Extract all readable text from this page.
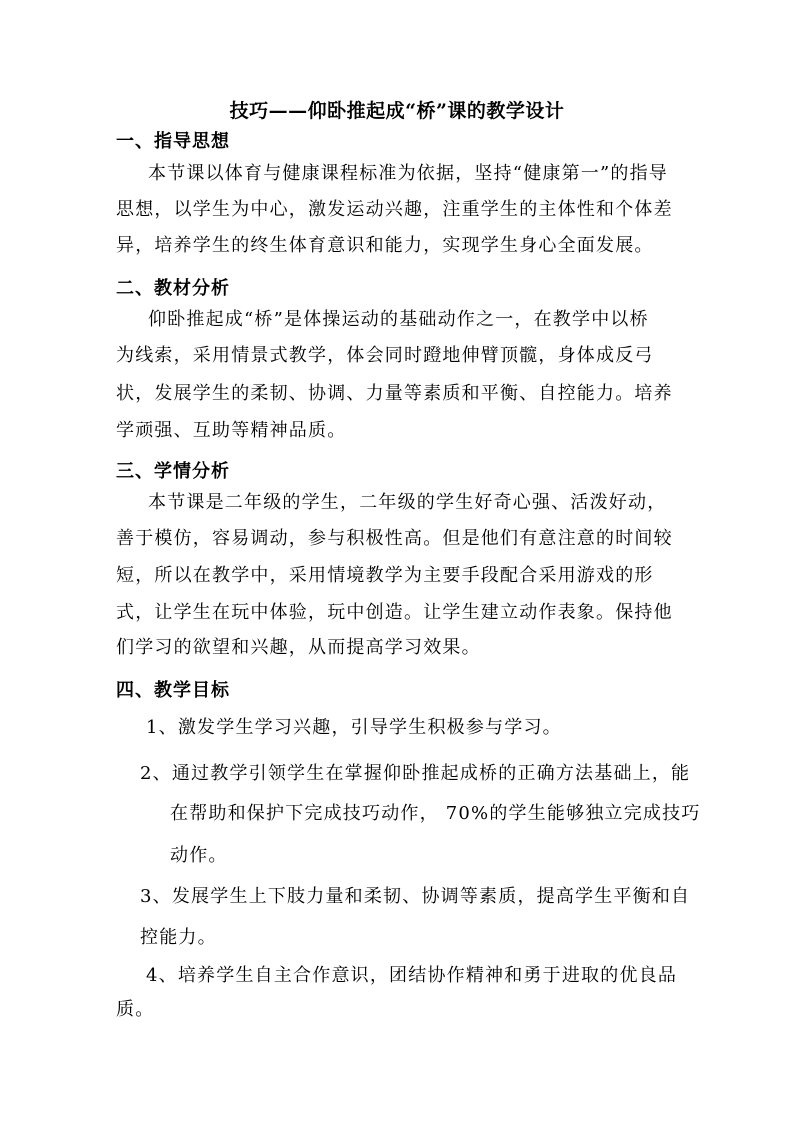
技巧——仰卧推起成“桥”课的教学设计
一、指导思想
本节课以体育与健康课程标准为依据，坚持“健康第一”的指导
思想，以学生为中心，激发运动兴趣，注重学生的主体性和个体差
异，培养学生的终生体育意识和能力，实现学生身心全面发展。
二、教材分析
仰卧推起成“桥”是体操运动的基础动作之一，在教学中以桥
为线索，采用情景式教学，体会同时蹬地伸臂顶髋，身体成反弓
状，发展学生的柔韧、协调、力量等素质和平衡、自控能力。培养
学顽强、互助等精神品质。
三、学情分析
本节课是二年级的学生，二年级的学生好奇心强、活泼好动，
善于模仿，容易调动，参与积极性高。但是他们有意注意的时间较
短，所以在教学中，采用情境教学为主要手段配合采用游戏的形
式，让学生在玩中体验，玩中创造。让学生建立动作表象。保持他
们学习的欲望和兴趣，从而提高学习效果。
四、教学目标
1、激发学生学习兴趣，引导学生积极参与学习。
2、通过教学引领学生在掌握仰卧推起成桥的正确方法基础上，能
在帮助和保护下完成技巧动作， 70%的学生能够独立完成技巧
动作。
3、发展学生上下肢力量和柔韧、协调等素质，提高学生平衡和自
控能力。
4、培养学生自主合作意识，团结协作精神和勇于进取的优良品
质。
